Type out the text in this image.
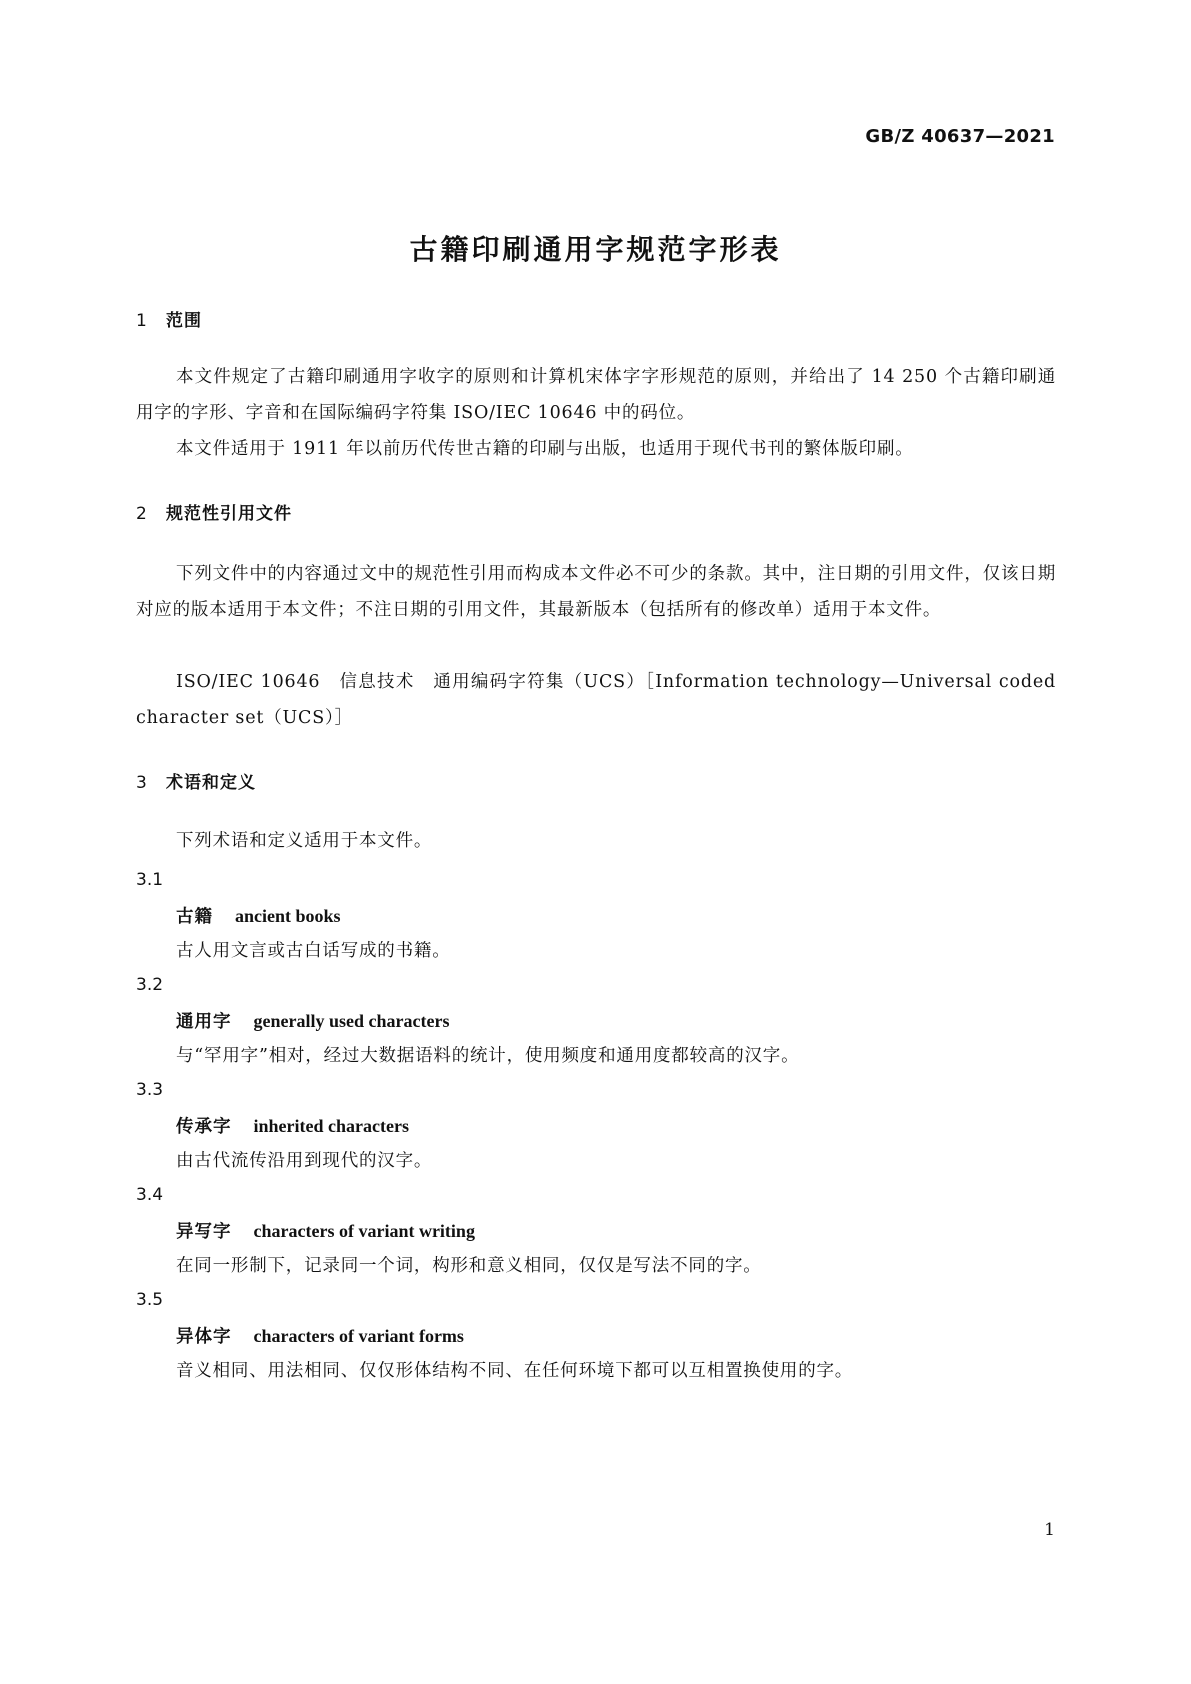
GB/Z 40637—2021
古籍印刷通用字规范字形表
1 范围
本文件规定了古籍印刷通用字收字的原则和计算机宋体字字形规范的原则，并给出了 14 250 个古籍印刷通用字的字形、字音和在国际编码字符集 ISO/IEC 10646 中的码位。
本文件适用于 1911 年以前历代传世古籍的印刷与出版，也适用于现代书刊的繁体版印刷。
2 规范性引用文件
下列文件中的内容通过文中的规范性引用而构成本文件必不可少的条款。其中，注日期的引用文件，仅该日期对应的版本适用于本文件；不注日期的引用文件，其最新版本（包括所有的修改单）适用于本文件。
ISO/IEC 10646　信息技术　通用编码字符集（UCS）［Information technology—Universal coded character set（UCS）］
3 术语和定义
下列术语和定义适用于本文件。
3.1
古籍 ancient books
古人用文言或古白话写成的书籍。
3.2
通用字 generally used characters
与“罕用字”相对，经过大数据语料的统计，使用频度和通用度都较高的汉字。
3.3
传承字 inherited characters
由古代流传沿用到现代的汉字。
3.4
异写字 characters of variant writing
在同一形制下，记录同一个词，构形和意义相同，仅仅是写法不同的字。
3.5
异体字 characters of variant forms
音义相同、用法相同、仅仅形体结构不同、在任何环境下都可以互相置换使用的字。
1
